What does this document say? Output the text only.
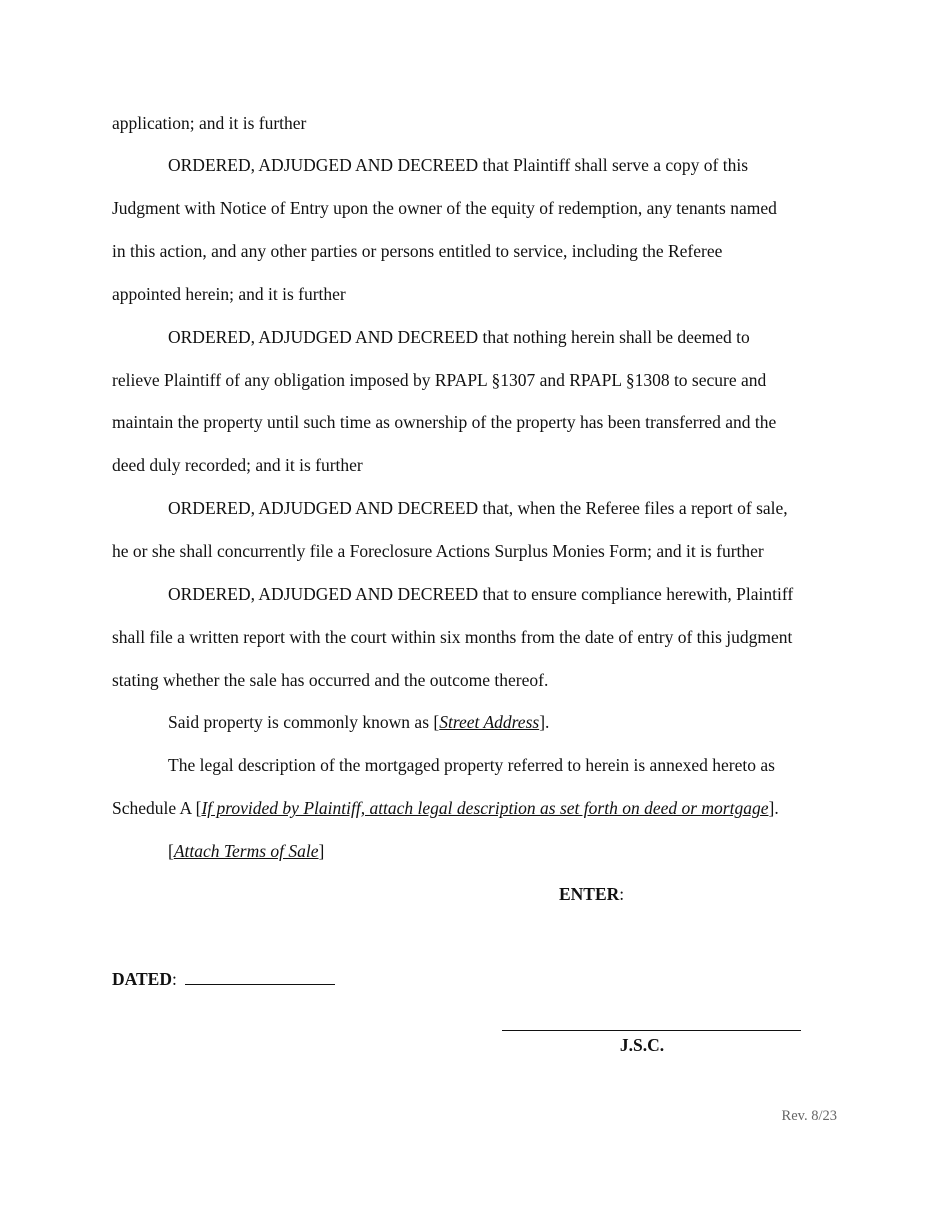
application; and it is further
ORDERED, ADJUDGED AND DECREED that Plaintiff shall serve a copy of this
Judgment with Notice of Entry upon the owner of the equity of redemption, any tenants named
in this action, and any other parties or persons entitled to service, including the Referee
appointed herein; and it is further
ORDERED, ADJUDGED AND DECREED that nothing herein shall be deemed to
relieve Plaintiff of any obligation imposed by RPAPL §1307 and RPAPL §1308 to secure and
maintain the property until such time as ownership of the property has been transferred and the
deed duly recorded; and it is further
ORDERED, ADJUDGED AND DECREED that, when the Referee files a report of sale,
he or she shall concurrently file a Foreclosure Actions Surplus Monies Form; and it is further
ORDERED, ADJUDGED AND DECREED that to ensure compliance herewith, Plaintiff
shall file a written report with the court within six months from the date of entry of this judgment
stating whether the sale has occurred and the outcome thereof.
Said property is commonly known as [Street Address].
The legal description of the mortgaged property referred to herein is annexed hereto as
Schedule A [If provided by Plaintiff, attach legal description as set forth on deed or mortgage].
[Attach Terms of Sale]
ENTER:
DATED:
J.S.C.
Rev. 8/23
